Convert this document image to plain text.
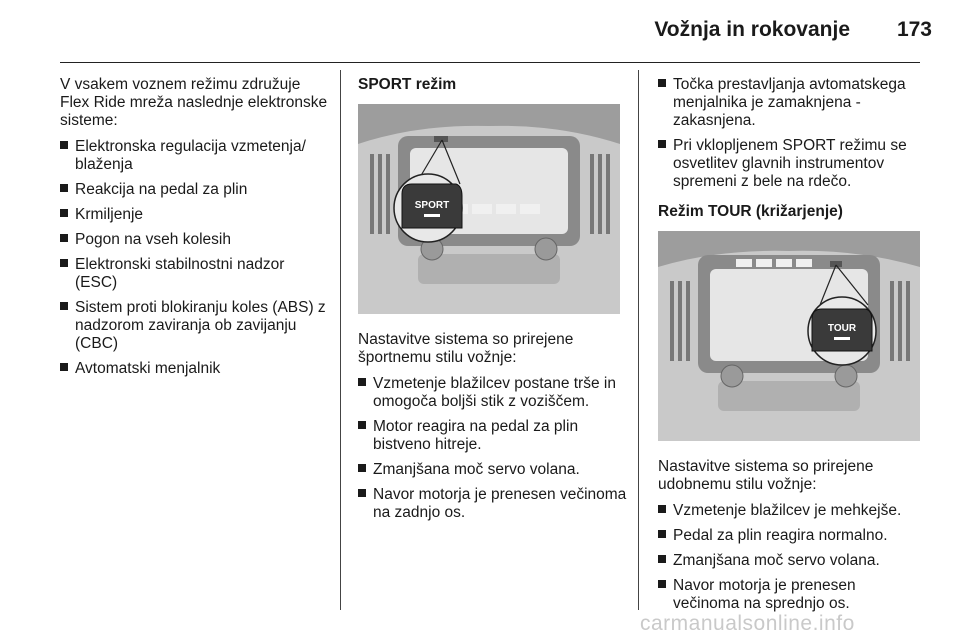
Vožnja in rokovanje	173

V vsakem voznem režimu združuje Flex Ride mreža naslednje elektronske sisteme:

Elektronska regulacija vzmetenja/ blaženja
Reakcija na pedal za plin
Krmiljenje
Pogon na vseh kolesih
Elektronski stabilnostni nadzor (ESC)
Sistem proti blokiranju koles (ABS) z nadzorom zaviranja ob zavijanju (CBC)
Avtomatski menjalnik
SPORT režim
SPORT

Nastavitve sistema so prirejene športnemu stilu vožnje:

Vzmetenje blažilcev postane trše in omogoča boljši stik z voziščem.
Motor reagira na pedal za plin bistveno hitreje.
Zmanjšana moč servo volana.
Navor motorja je prenesen večinoma na zadnjo os.
Točka prestavljanja avtomatskega menjalnika je zamaknjena - zakasnjena.
Pri vklopljenem SPORT režimu se osvetlitev glavnih instrumentov spremeni z bele na rdečo.
Režim TOUR (križarjenje)
TOUR

Nastavitve sistema so prirejene udobnemu stilu vožnje:

Vzmetenje blažilcev je mehkejše.
Pedal za plin reagira normalno.
Zmanjšana moč servo volana.
Navor motorja je prenesen večinoma na sprednjo os.
carmanualsonline.info
